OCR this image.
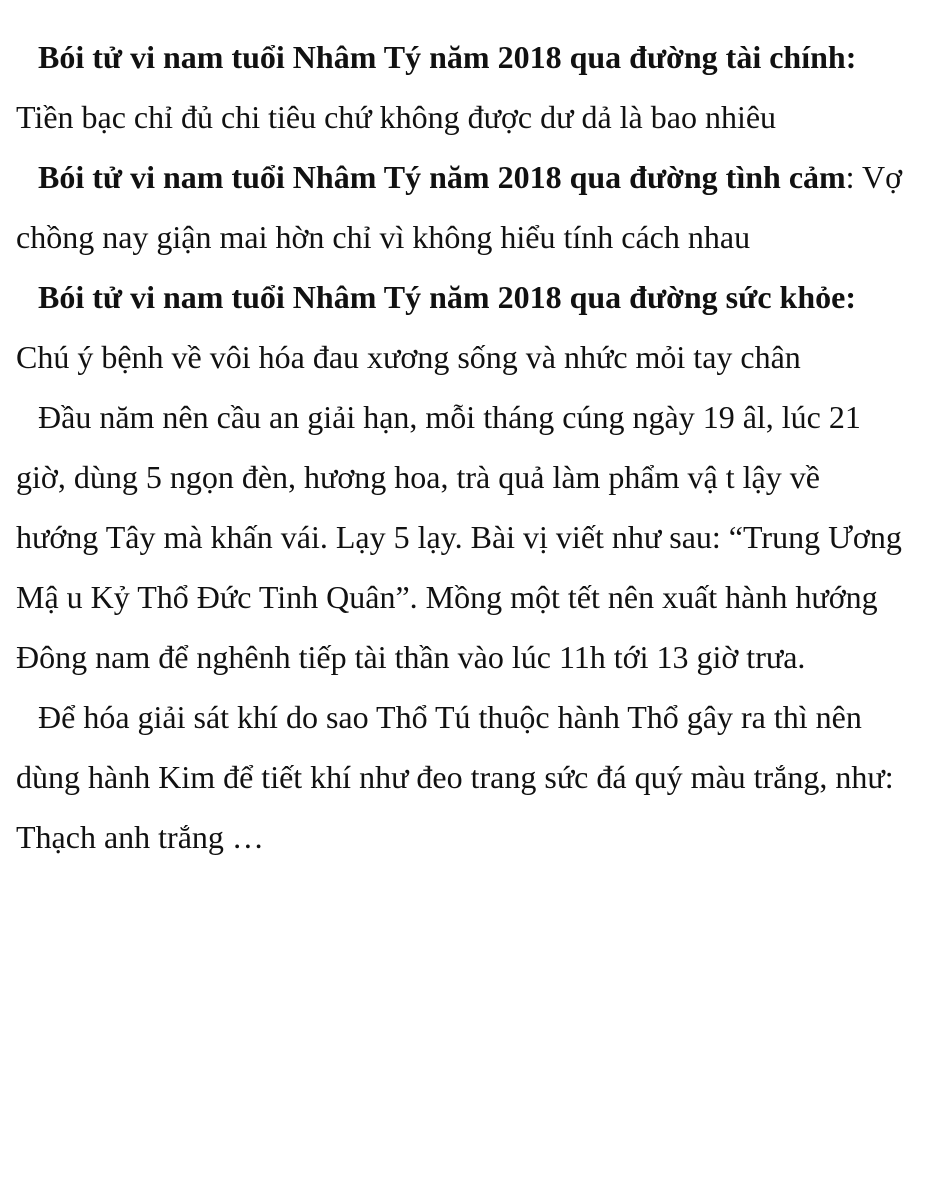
Bói tử vi nam tuổi Nhâm Tý năm 2018 qua đường tài chính: Tiền bạc chỉ đủ chi tiêu chứ không được dư dả là bao nhiêu

Bói tử vi nam tuổi Nhâm Tý năm 2018 qua đường tình cảm: Vợ chồng nay giận mai hờn chỉ vì không hiểu tính cách nhau

Bói tử vi nam tuổi Nhâm Tý năm 2018 qua đường sức khỏe: Chú ý bệnh về vôi hóa đau xương sống và nhức mỏi tay chân

Đầu năm nên cầu an giải hạn, mỗi tháng cúng ngày 19 âl, lúc 21 giờ, dùng 5 ngọn đèn, hương hoa, trà quả làm phẩm vậ t lậy về hướng Tây mà khấn vái. Lạy 5 lạy. Bài vị viết như sau: “Trung Ương Mậ u Kỷ Thổ Đức Tinh Quân”. Mồng một tết nên xuất hành hướng Đông nam để nghênh tiếp tài thần vào lúc 11h tới 13 giờ trưa.

Để hóa giải sát khí do sao Thổ Tú thuộc hành Thổ gây ra thì nên dùng hành Kim để tiết khí như đeo trang sức đá quý màu trắng, như: Thạch anh trắng …
